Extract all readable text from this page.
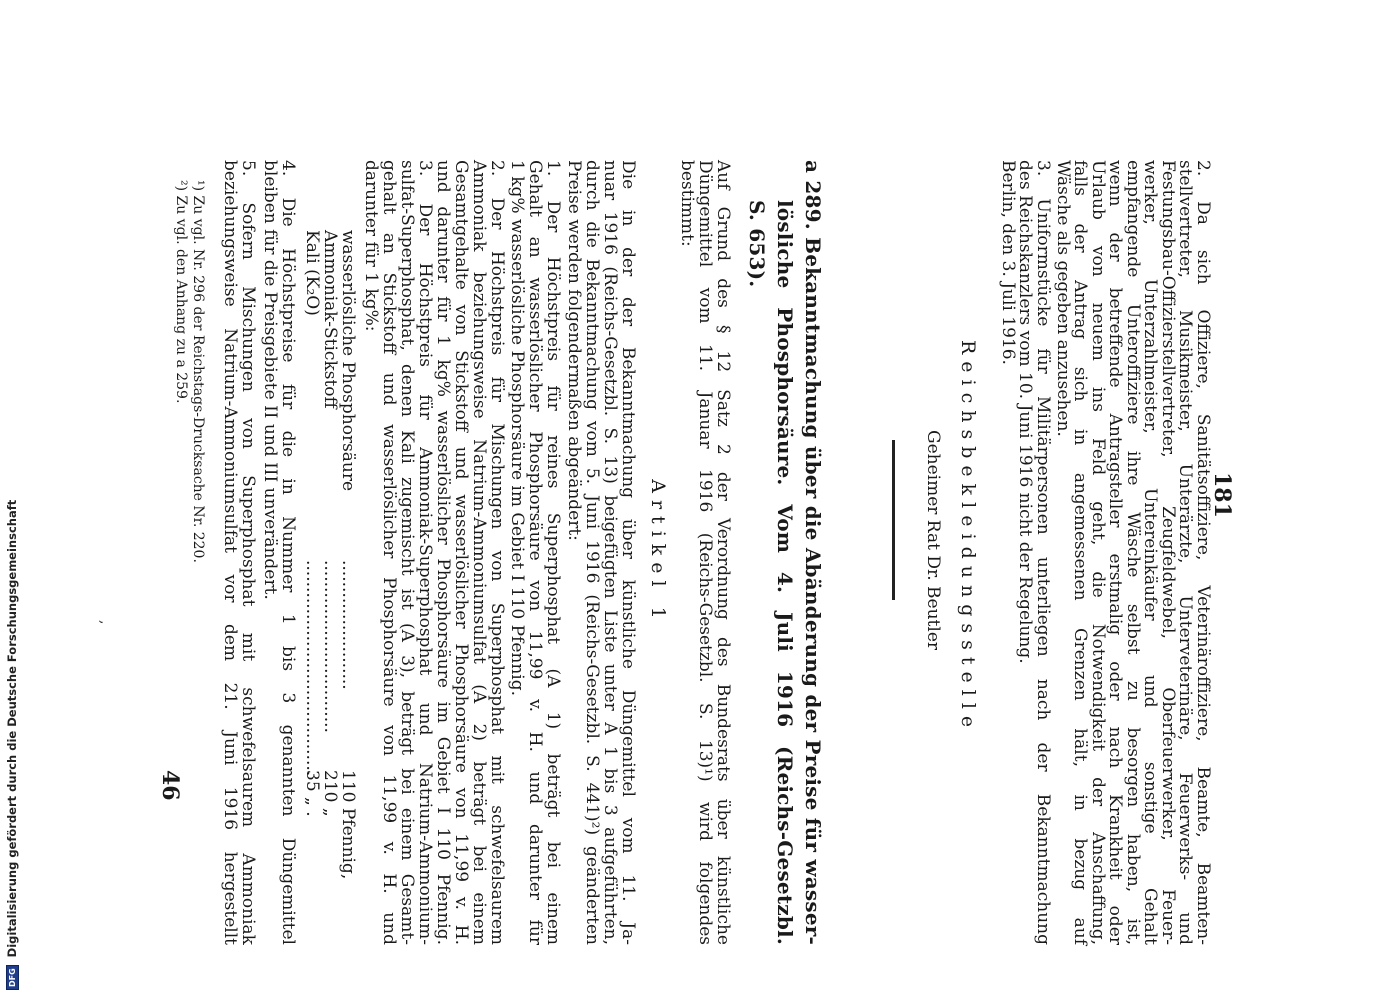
181
46
,	2. Da sich Offiziere, Sanitätsoffiziere, Veterinäroffiziere, Beamte, Beamten-
stellvertreter, Musikmeister, Unterärzte, Unterveterinäre, Feuerwerks- und
Festungsbau-Offizierstellvertreter, Zeugfeldwebel, Oberfeuerwerker, Feuer-
werker, Unterzahlmeister, Untereinkäufer und sonstige Gehalt
empfangende Unteroffiziere ihre Wäsche selbst zu besorgen haben, ist,
wenn der betreffende Antragsteller erstmalig oder nach Krankheit oder
Urlaub von neuem ins Feld geht, die Notwendigkeit der Anschaffung,
falls der Antrag sich in angemessenen Grenzen hält, in bezug auf
Wäsche als gegeben anzusehen.
3. Uniformstücke für Militärpersonen unterliegen nach der Bekanntmachung
des Reichskanzlers vom 10. Juni 1916 nicht der Regelung.
Berlin, den 3. Juli 1916.
Reichsbekleidungsstelle
Geheimer Rat Dr. Beutler
a 289. Bekanntmachung über die Abänderung der Preise für wasser-
lösliche Phosphorsäure. Vom 4. Juli 1916 (Reichs-Gesetzbl.
S. 653).
Auf Grund des § 12 Satz 2 der Verordnung des Bundesrats über künstliche
Düngemittel vom 11. Januar 1916 (Reichs-Gesetzbl. S. 13)¹) wird folgendes
bestimmt:
Artikel 1
Die in der der Bekanntmachung über künstliche Düngemittel vom 11. Ja-
nuar 1916 (Reichs-Gesetzbl. S. 13) beigefügten Liste unter A 1 bis 3 aufgeführten,
durch die Bekanntmachung vom 5. Juni 1916 (Reichs-Gesetzbl. S. 441)²) geänderten
Preise werden folgendermaßen abgeändert:
1. Der Höchstpreis für reines Superphosphat (A 1) beträgt bei einem
Gehalt an wasserlöslicher Phosphorsäure von 11,99 v. H. und darunter für
1 kg% wasserlösliche Phosphorsäure im Gebiet I 110 Pfennig.
2. Der Höchstpreis für Mischungen von Superphosphat mit schwefelsaurem
Ammoniak beziehungsweise Natrium-Ammoniumsulfat (A 2) beträgt bei einem
Gesamtgehalte von Stickstoff und wasserlöslicher Phosphorsäure von 11,99 v. H.
und darunter für 1 kg% wasserlöslicher Phosphorsäure im Gebiet I 110 Pfennig.
3. Der Höchstpreis für Ammoniak-Superphosphat und Natrium-Ammonium-
sulfat-Superphosphat, denen Kali zugemischt ist (A 3), beträgt bei einem Gesamt-
gehalt an Stickstoff und wasserlöslicher Phosphorsäure von 11,99 v. H. und
darunter für 1 kg%:
wasserlösliche Phosphorsäure
........................
110 Pfennig,
Ammoniak-Stickstoff
................................
210 „
Kali (K₂O)
........................................
35 „ .
4. Die Höchstpreise für die in Nummer 1 bis 3 genannten Düngemittel
bleiben für die Preisgebiete II und III unverändert.
5. Sofern Mischungen von Superphosphat mit schwefelsaurem Ammoniak
beziehungsweise Natrium-Ammoniumsulfat vor dem 21. Juni 1916 hergestellt
¹) Zu vgl. Nr. 296 der Reichstags-Drucksache Nr. 220.
²) Zu vgl. den Anhang zu a 259.
DFG
Digitalisierung gefördert durch die Deutsche Forschungsgemeinschaft
